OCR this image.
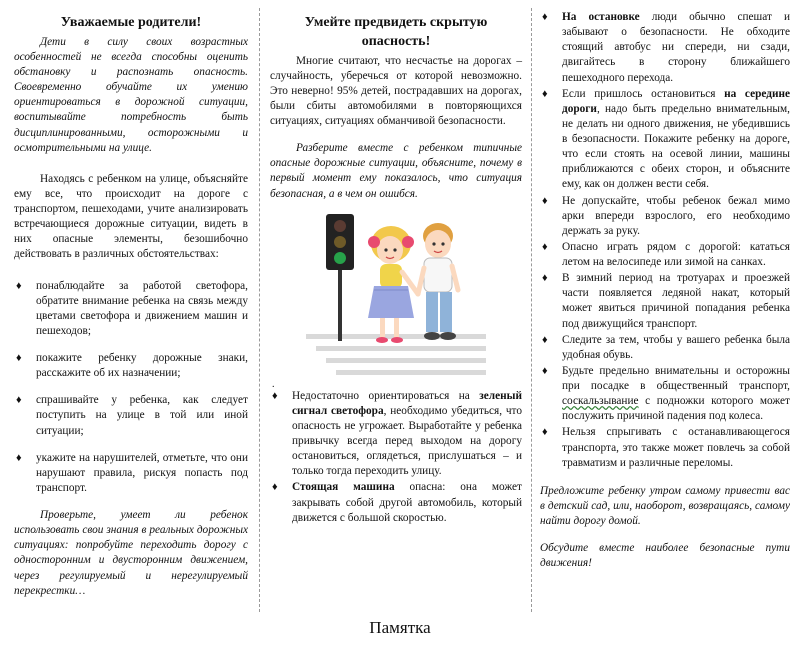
Уважаемые родители!

Дети в силу своих возрастных особенностей не всегда способны оценить обстановку и распознать опасность. Своевременно обучайте их умению ориентироваться в дорожной ситуации, воспитывайте потребность быть дисциплинированными, осторожными и осмотрительными на улице.

Находясь с ребенком на улице, объясняйте ему все, что происходит на дороге с транспортом, пешеходами, учите анализировать встречающиеся дорожные ситуации, видеть в них опасные элементы, безошибочно действовать в различных обстоятельствах:

♦ понаблюдайте за работой светофора, обратите внимание ребенка на связь между цветами светофора и движением машин и пешеходов;
♦ покажите ребенку дорожные знаки, расскажите об их назначении;
♦ спрашивайте у ребенка, как следует поступить на улице в той или иной ситуации;
♦ укажите на нарушителей, отметьте, что они нарушают правила, рискуя попасть под транспорт.

Проверьте, умеет ли ребенок использовать свои знания в реальных дорожных ситуациях: попробуйте переходить дорогу с односторонним и двусторонним движением, через регулируемый и нерегулируемый перекрестки…

Умейте предвидеть скрытую опасность!

Многие считают, что несчастье на дорогах – случайность, уберечься от которой невозможно. Это неверно! 95% детей, пострадавших на дорогах, были сбиты автомобилями в повторяющихся ситуациях, ситуациях обманчивой безопасности.

Разберите вместе с ребенком типичные опасные дорожные ситуации, объясните, почему в первый момент ему показалось, что ситуация безопасная, а в чем он ошибся.

.
♦ Недостаточно ориентироваться на зеленый сигнал светофора, необходимо убедиться, что опасность не угрожает. Выработайте у ребенка привычку всегда перед выходом на дорогу остановиться, оглядеться, прислушаться – и только тогда переходить улицу.
♦ Стоящая машина опасна: она может закрывать собой другой автомобиль, который движется с большой скоростью.
♦ На остановке люди обычно спешат и забывают о безопасности. Не обходите стоящий автобус ни спереди, ни сзади, двигайтесь в сторону ближайшего пешеходного перехода.
♦ Если пришлось остановиться на середине дороги, надо быть предельно внимательным, не делать ни одного движения, не убедившись в безопасности. Покажите ребенку на дороге, что если стоять на осевой линии, машины приближаются с обеих сторон, и объясните ему, как он должен вести себя.
♦ Не допускайте, чтобы ребенок бежал мимо арки впереди взрослого, его необходимо держать за руку.
♦ Опасно играть рядом с дорогой: кататься летом на велосипеде или зимой на санках.
♦ В зимний период на тротуарах и проезжей части появляется ледяной накат, который может явиться причиной попадания ребенка под движущийся транспорт.
♦ Следите за тем, чтобы у вашего ребенка была удобная обувь.
♦ Будьте предельно внимательны и осторожны при посадке в общественный транспорт, соскальзывание с подножки которого может послужить причиной падения под колеса.
♦ Нельзя спрыгивать с останавливающегося транспорта, это также может повлечь за собой травматизм и различные переломы.

Предложите ребенку утром самому привести вас в детский сад, или, наоборот, возвращаясь, самому найти дорогу домой.

Обсудите вместе наиболее безопасные пути движения!

Памятка
